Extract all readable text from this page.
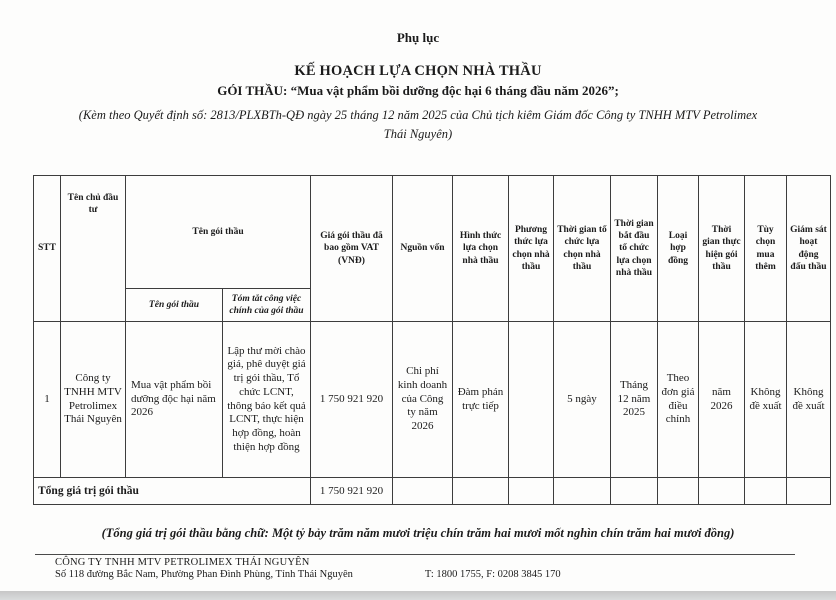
Phụ lục
KẾ HOẠCH LỰA CHỌN NHÀ THẦU
GÓI THẦU: “Mua vật phẩm bồi dưỡng độc hại 6 tháng đầu năm 2026”;
(Kèm theo Quyết định số: 2813/PLXBTh-QĐ ngày 25 tháng 12 năm 2025 của Chủ tịch kiêm Giám đốc Công ty TNHH MTV Petrolimex Thái Nguyên)
STT	Tên chủ đầu tư	Tên gói thầu		Giá gói thầu đã bao gồm VAT (VNĐ)	Nguồn vốn	Hình thức lựa chọn nhà thầu	Phương thức lựa chọn nhà thầu	Thời gian tổ chức lựa chọn nhà thầu	Thời gian bắt đầu tổ chức lựa chọn nhà thầu	Loại hợp đồng	Thời gian thực hiện gói thầu	Tùy chọn mua thêm	Giám sát hoạt động đấu thầu
		Tên gói thầu	Tóm tắt công việc chính của gói thầu										
1	Công ty TNHH MTV Petrolimex Thái Nguyên	Mua vật phẩm bồi dưỡng độc hại năm 2026	Lập thư mời chào giá, phê duyệt giá trị gói thầu, Tổ chức LCNT, thông báo kết quả LCNT, thực hiện hợp đồng, hoàn thiện hợp đồng	1 750 921 920	Chi phí kinh doanh của Công ty năm 2026	Đàm phán trực tiếp		5 ngày	Tháng 12 năm 2025	Theo đơn giá điều chỉnh	năm 2026	Không đề xuất	Không đề xuất
Tổng giá trị gói thầu				1 750 921 920									
(Tổng giá trị gói thầu bằng chữ: Một tỷ bảy trăm năm mươi triệu chín trăm hai mươi mốt nghìn chín trăm hai mươi đồng)
CÔNG TY TNHH MTV PETROLIMEX THÁI NGUYÊN
Số 118 đường Bắc Nam, Phường Phan Đình Phùng, Tỉnh Thái Nguyên	T: 1800 1755, F: 0208 3845 170
